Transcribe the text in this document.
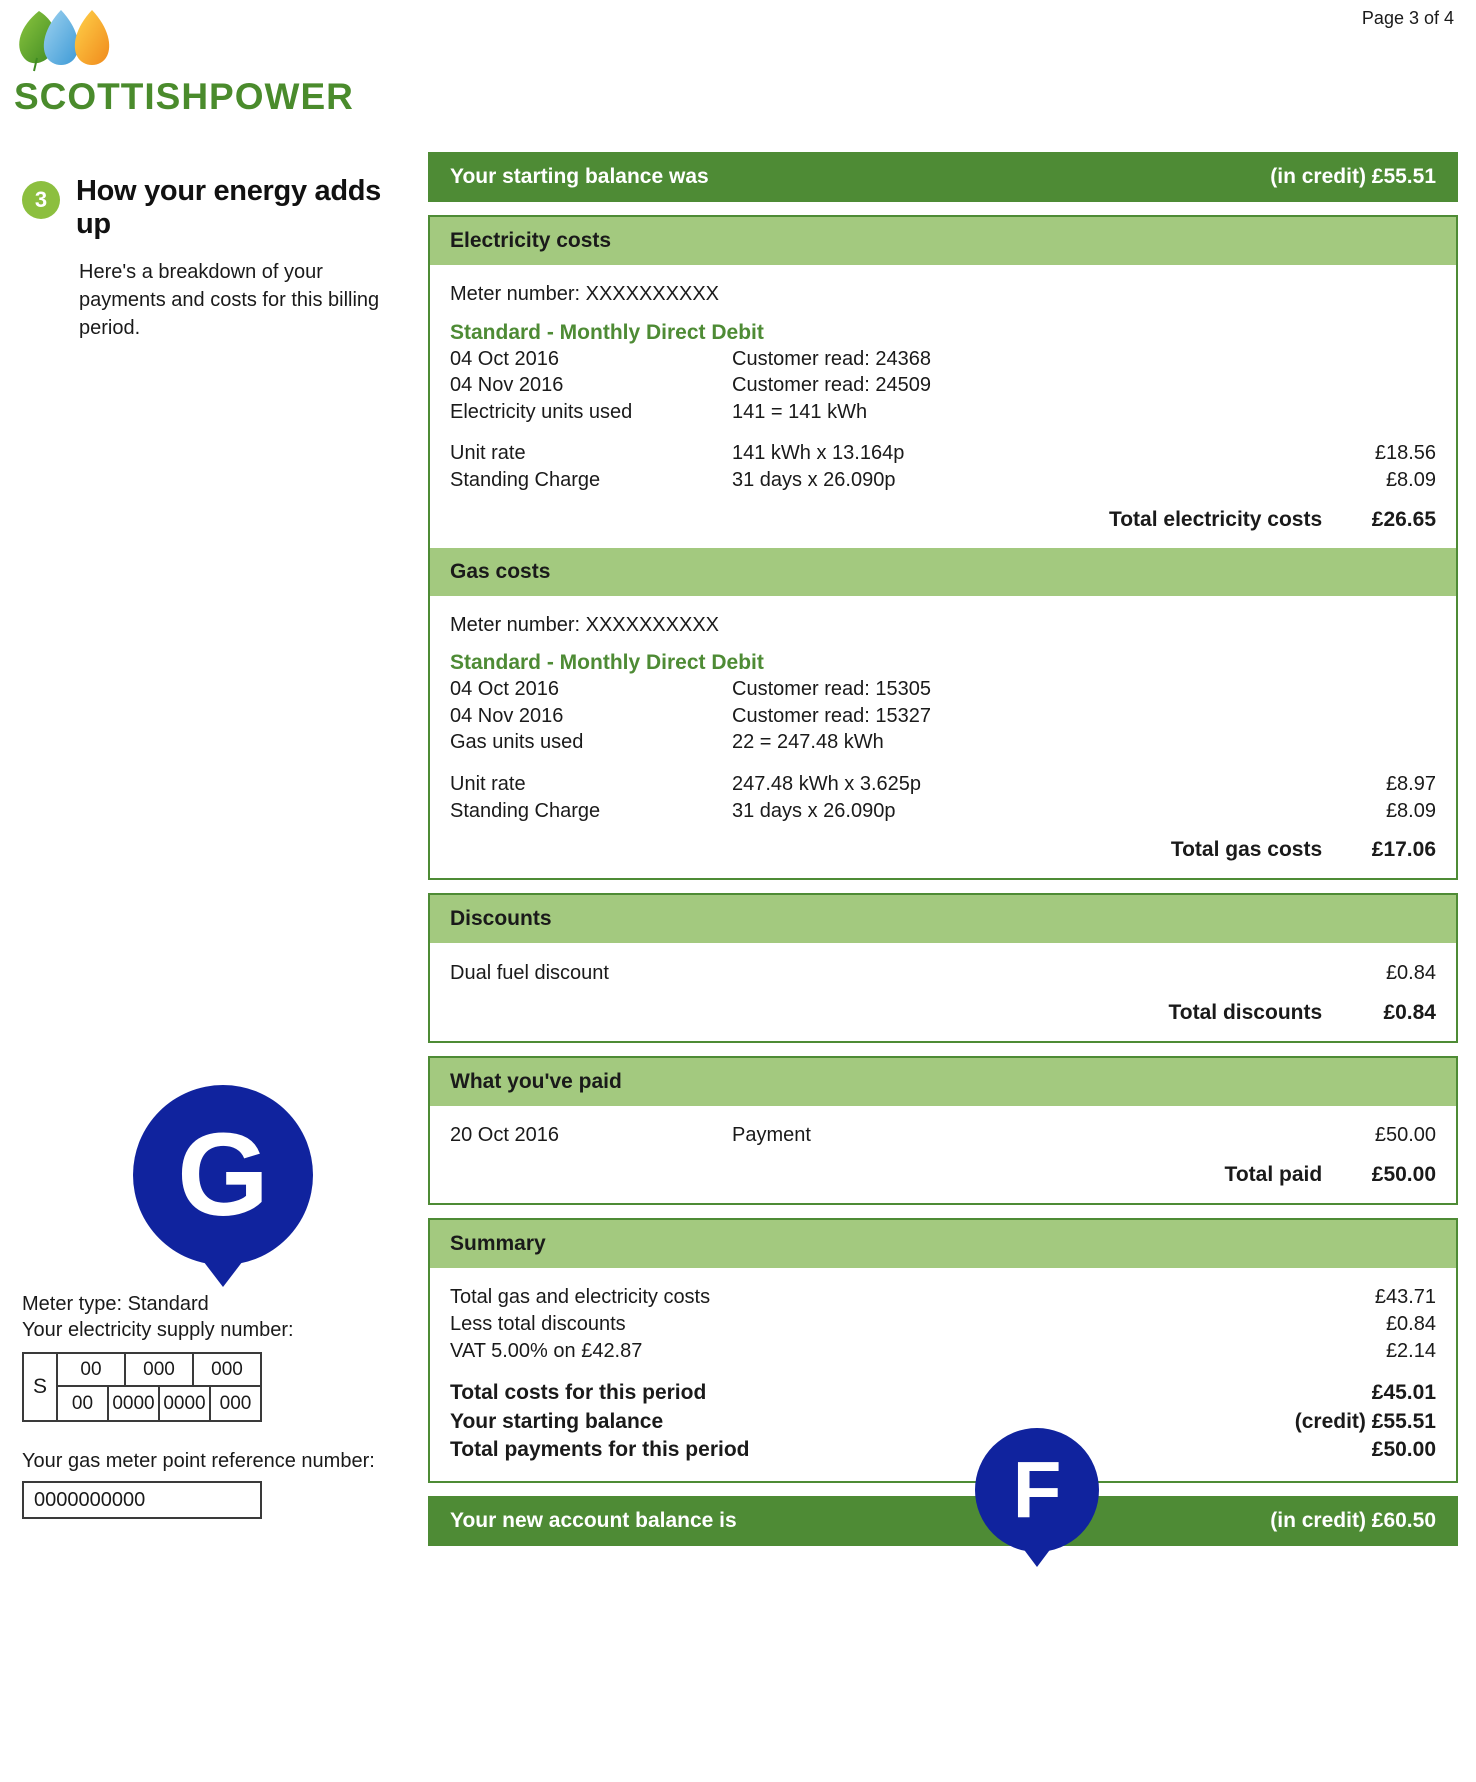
Page 3 of 4
SCOTTISHPOWER
3 How your energy adds up
Here's a breakdown of your payments and costs for this billing period.
G
Meter type: Standard
Your electricity supply number:
S
00	000	000
00	0000 0000 000
Your gas meter point reference number:
0000000000
Your starting balance was	(in credit) £55.51
Electricity costs
Meter number: XXXXXXXXXX
Standard - Monthly Direct Debit
04 Oct 2016	Customer read: 24368
04 Nov 2016	Customer read: 24509
Electricity units used	141 = 141 kWh
Unit rate	141 kWh x 13.164p	£18.56
Standing Charge	31 days x 26.090p	£8.09
Total electricity costs £26.65
Gas costs
Meter number: XXXXXXXXXX
Standard - Monthly Direct Debit
04 Oct 2016	Customer read: 15305
04 Nov 2016	Customer read: 15327
Gas units used	22 = 247.48 kWh
Unit rate	247.48 kWh x 3.625p	£8.97
Standing Charge	31 days x 26.090p	£8.09
Total gas costs £17.06
Discounts
Dual fuel discount	£0.84
Total discounts	£0.84
What you've paid
20 Oct 2016	Payment	£50.00
Total paid £50.00
Summary
Total gas and electricity costs	£43.71
Less total discounts	£0.84
VAT 5.00% on £42.87	£2.14
Total costs for this period	£45.01
Your starting balance	(credit) £55.51
Total payments for this period	£50.00
Your new account balance is	(in credit) £60.50
F
